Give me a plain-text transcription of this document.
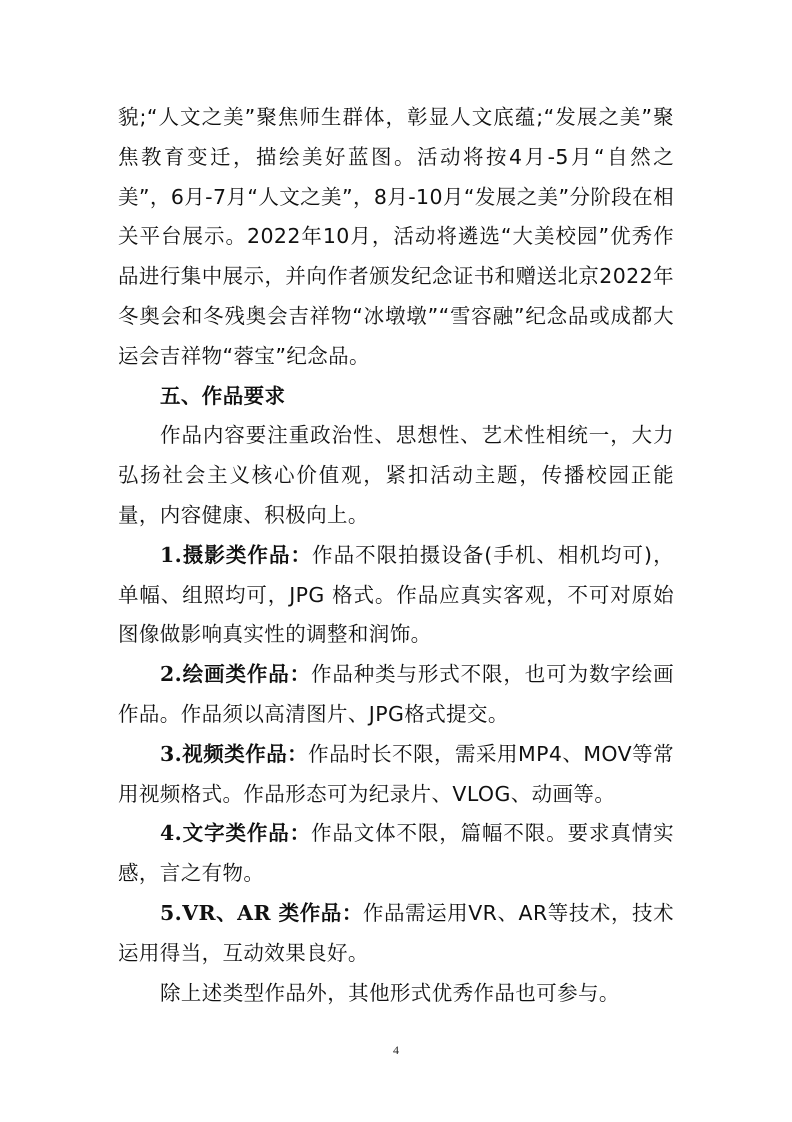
貌;“人文之美”聚焦师生群体，彰显人文底蕴;“发展之美”聚焦教育变迁，描绘美好蓝图。活动将按4月-5月“自然之美”，6月-7月“人文之美”，8月-10月“发展之美”分阶段在相关平台展示。2022年10月，活动将遴选“大美校园”优秀作品进行集中展示，并向作者颁发纪念证书和赠送北京2022年冬奥会和冬残奥会吉祥物“冰墩墩”“雪容融”纪念品或成都大运会吉祥物“蓉宝”纪念品。

五、作品要求

作品内容要注重政治性、思想性、艺术性相统一，大力弘扬社会主义核心价值观，紧扣活动主题，传播校园正能量，内容健康、积极向上。

1.摄影类作品：作品不限拍摄设备(手机、相机均可)，单幅、组照均可，JPG 格式。作品应真实客观，不可对原始图像做影响真实性的调整和润饰。

2.绘画类作品：作品种类与形式不限，也可为数字绘画作品。作品须以高清图片、JPG格式提交。

3.视频类作品：作品时长不限，需采用MP4、MOV等常用视频格式。作品形态可为纪录片、VLOG、动画等。

4.文字类作品：作品文体不限，篇幅不限。要求真情实感，言之有物。

5.VR、AR 类作品：作品需运用VR、AR等技术，技术运用得当，互动效果良好。

除上述类型作品外，其他形式优秀作品也可参与。

4
